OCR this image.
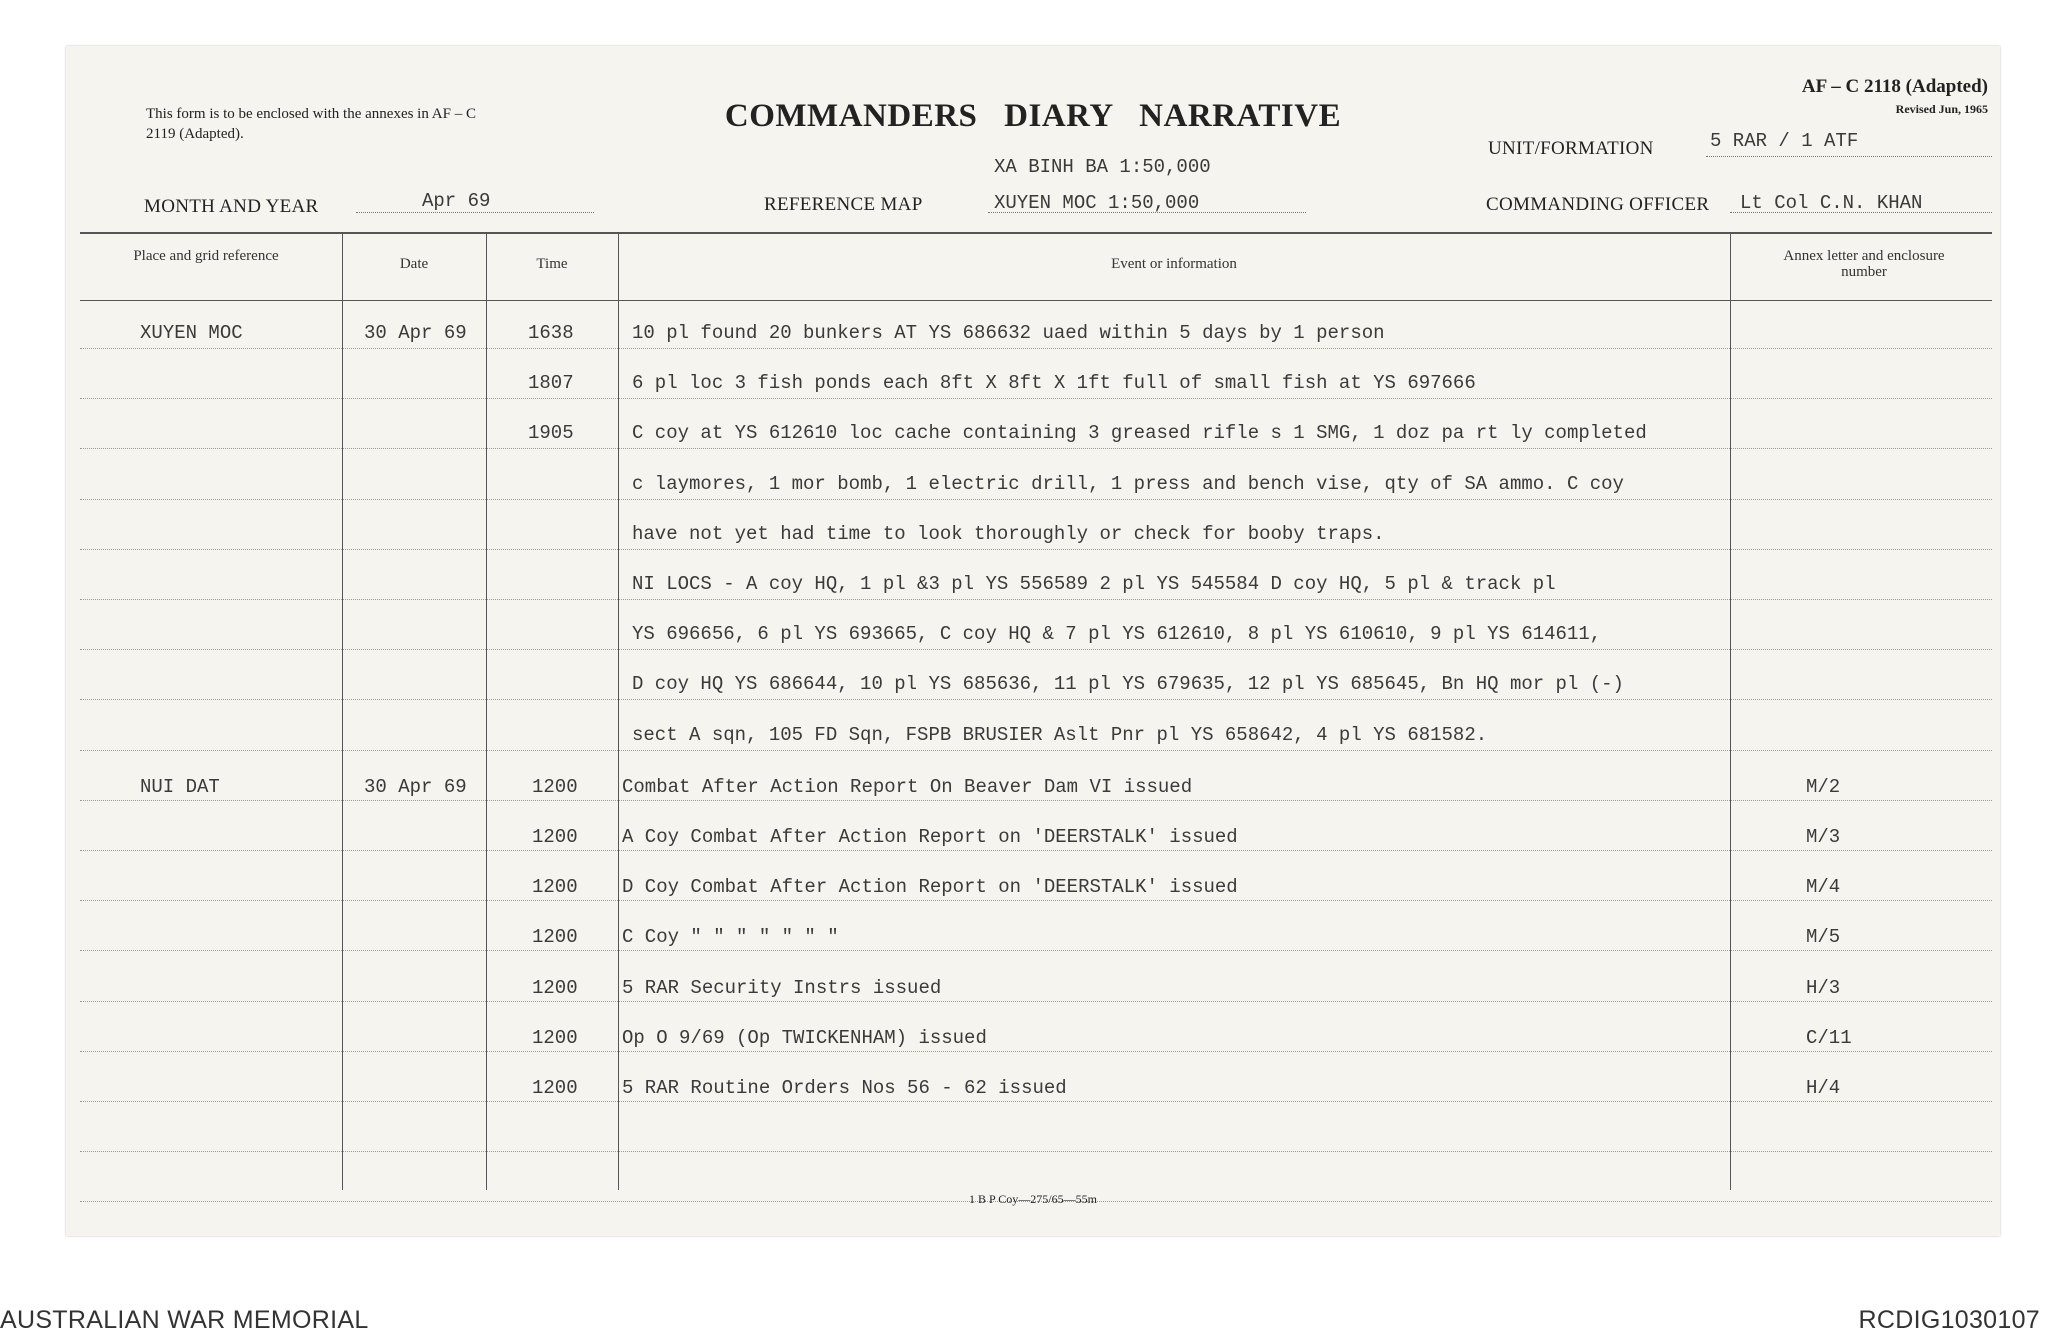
This form is to be enclosed with the annexes in AF – C 2119 (Adapted).	COMMANDERS DIARY NARRATIVE
AF – C 2118 (Adapted)
Revised Jun, 1965
MONTH AND YEAR	Apr 69	REFERENCE MAP
XA BINH BA 1:50,000
XUYEN MOC 1:50,000
UNIT/FORMATION	5 RAR / 1 ATF
COMMANDING OFFICER Lt Col C.N. KHAN
Place and grid reference	Date	Time	Event or information	Annex letter and enclosure number
XUYEN MOC	30 Apr 69	1638	10 pl found 20 bunkers AT YS 686632 uaed within 5 days by 1 person
1807	6 pl loc 3 fish ponds each 8ft X 8ft X 1ft full of small fish at YS 697666
1905	C coy at YS 612610 loc cache containing 3 greased rifle s 1 SMG, 1 doz pa rt ly completed
c laymores, 1 mor bomb, 1 electric drill, 1 press and bench vise, qty of SA ammo. C coy
have not yet had time to look thoroughly or check for booby traps.
NI LOCS - A coy HQ, 1 pl &3 pl YS 556589 2 pl YS 545584 D coy HQ, 5 pl & track pl
YS 696656, 6 pl YS 693665, C coy HQ & 7 pl YS 612610, 8 pl YS 610610, 9 pl YS 614611,
D coy HQ YS 686644, 10 pl YS 685636, 11 pl YS 679635, 12 pl YS 685645, Bn HQ mor pl (-)
sect A sqn, 105 FD Sqn, FSPB BRUSIER Aslt Pnr pl YS 658642, 4 pl YS 681582.
NUI DAT	30 Apr 69	1200 Combat After Action Report On Beaver Dam VI issued	M/2
1200 A Coy Combat After Action Report on 'DEERSTALK' issued	M/3
1200 D Coy Combat After Action Report on 'DEERSTALK' issued	M/4
1200 C Coy " " " " " " "	M/5
1200 5 RAR Security Instrs issued	H/3
1200 Op O 9/69 (Op TWICKENHAM) issued	C/11
1200 5 RAR Routine Orders Nos 56 - 62 issued	H/4
1 B P Coy—275/65—55m
AUSTRALIAN WAR MEMORIAL	RCDIG1030107
